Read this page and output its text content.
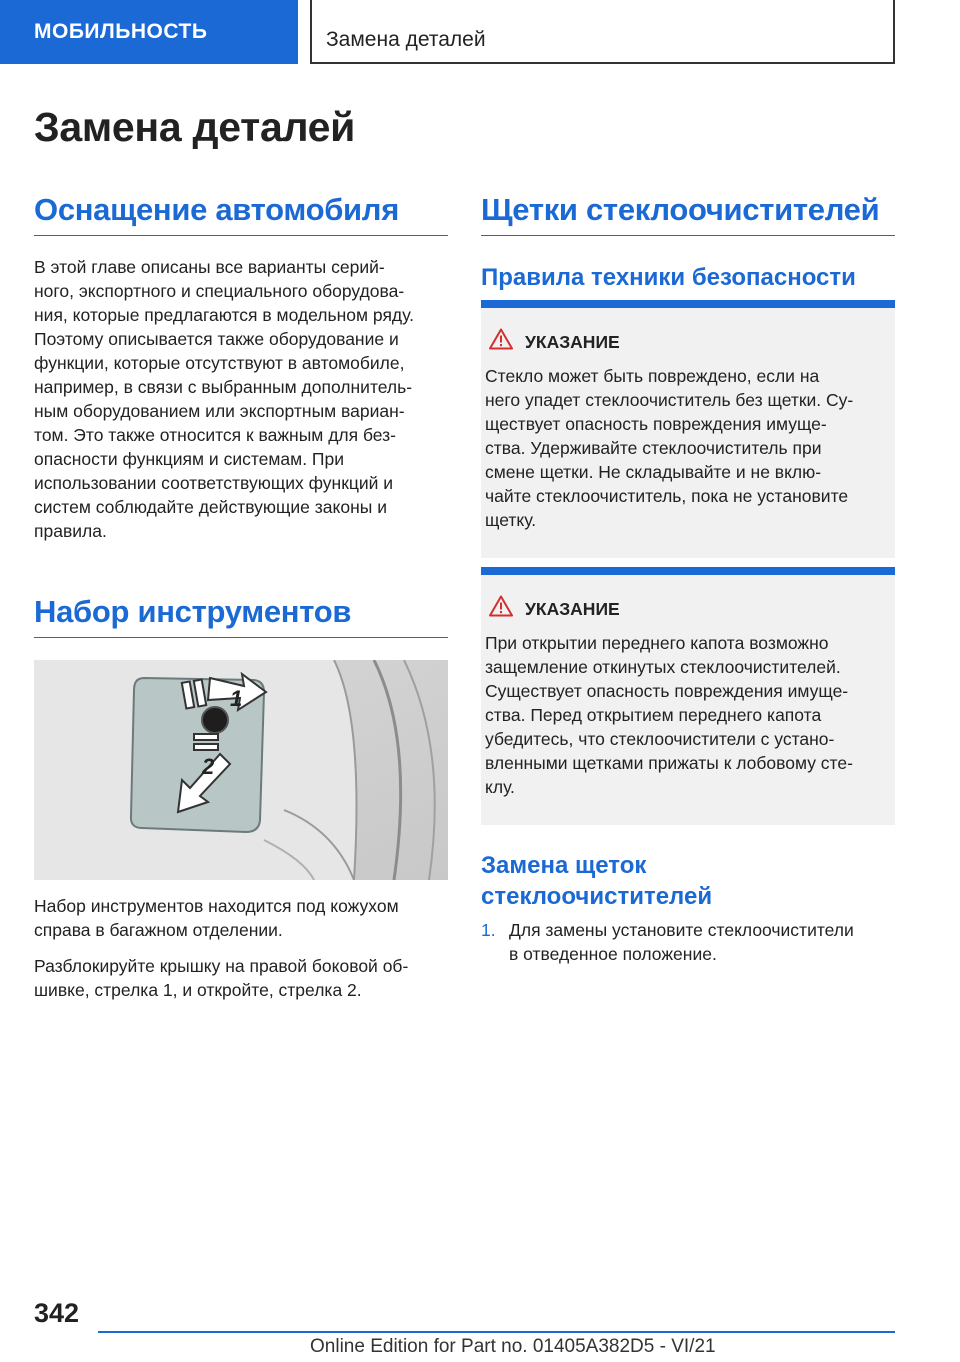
МОБИЛЬНОСТЬ	Замена деталей
Замена деталей
Оснащение автомобиля

В этой главе описаны все варианты серий-
ного, экспортного и специального оборудова-
ния, которые предлагаются в модельном ряду.
Поэтому описывается также оборудование и
функции, которые отсутствуют в автомобиле,
например, в связи с выбранным дополнитель-
ным оборудованием или экспортным вариан-
том. Это также относится к важным для без-
опасности функциям и системам. При
использовании соответствующих функций и
систем соблюдайте действующие законы и
правила.

Набор инструментов
1
2

Набор инструментов находится под кожухом
справа в багажном отделении.

Разблокируйте крышку на правой боковой об-
шивке, стрелка 1, и откройте, стрелка 2.

Щетки стеклоочистителей
Правила техники безопасности
УКАЗАНИЕ

Стекло может быть повреждено, если на
него упадет стеклоочиститель без щетки. Су-
ществует опасность повреждения имуще-
ства. Удерживайте стеклоочиститель при
смене щетки. Не складывайте и не вклю-
чайте стеклоочиститель, пока не установите
щетку.

УКАЗАНИЕ

При открытии переднего капота возможно
защемление откинутых стеклоочистителей.
Существует опасность повреждения имуще-
ства. Перед открытием переднего капота
убедитесь, что стеклоочистители с устано-
вленными щетками прижаты к лобовому сте-
клу.

Замена щеток
стеклоочистителей
1. Для замены установите стеклоочистители
в отведенное положение.

342
Online Edition for Part no. 01405A382D5 - VI/21
